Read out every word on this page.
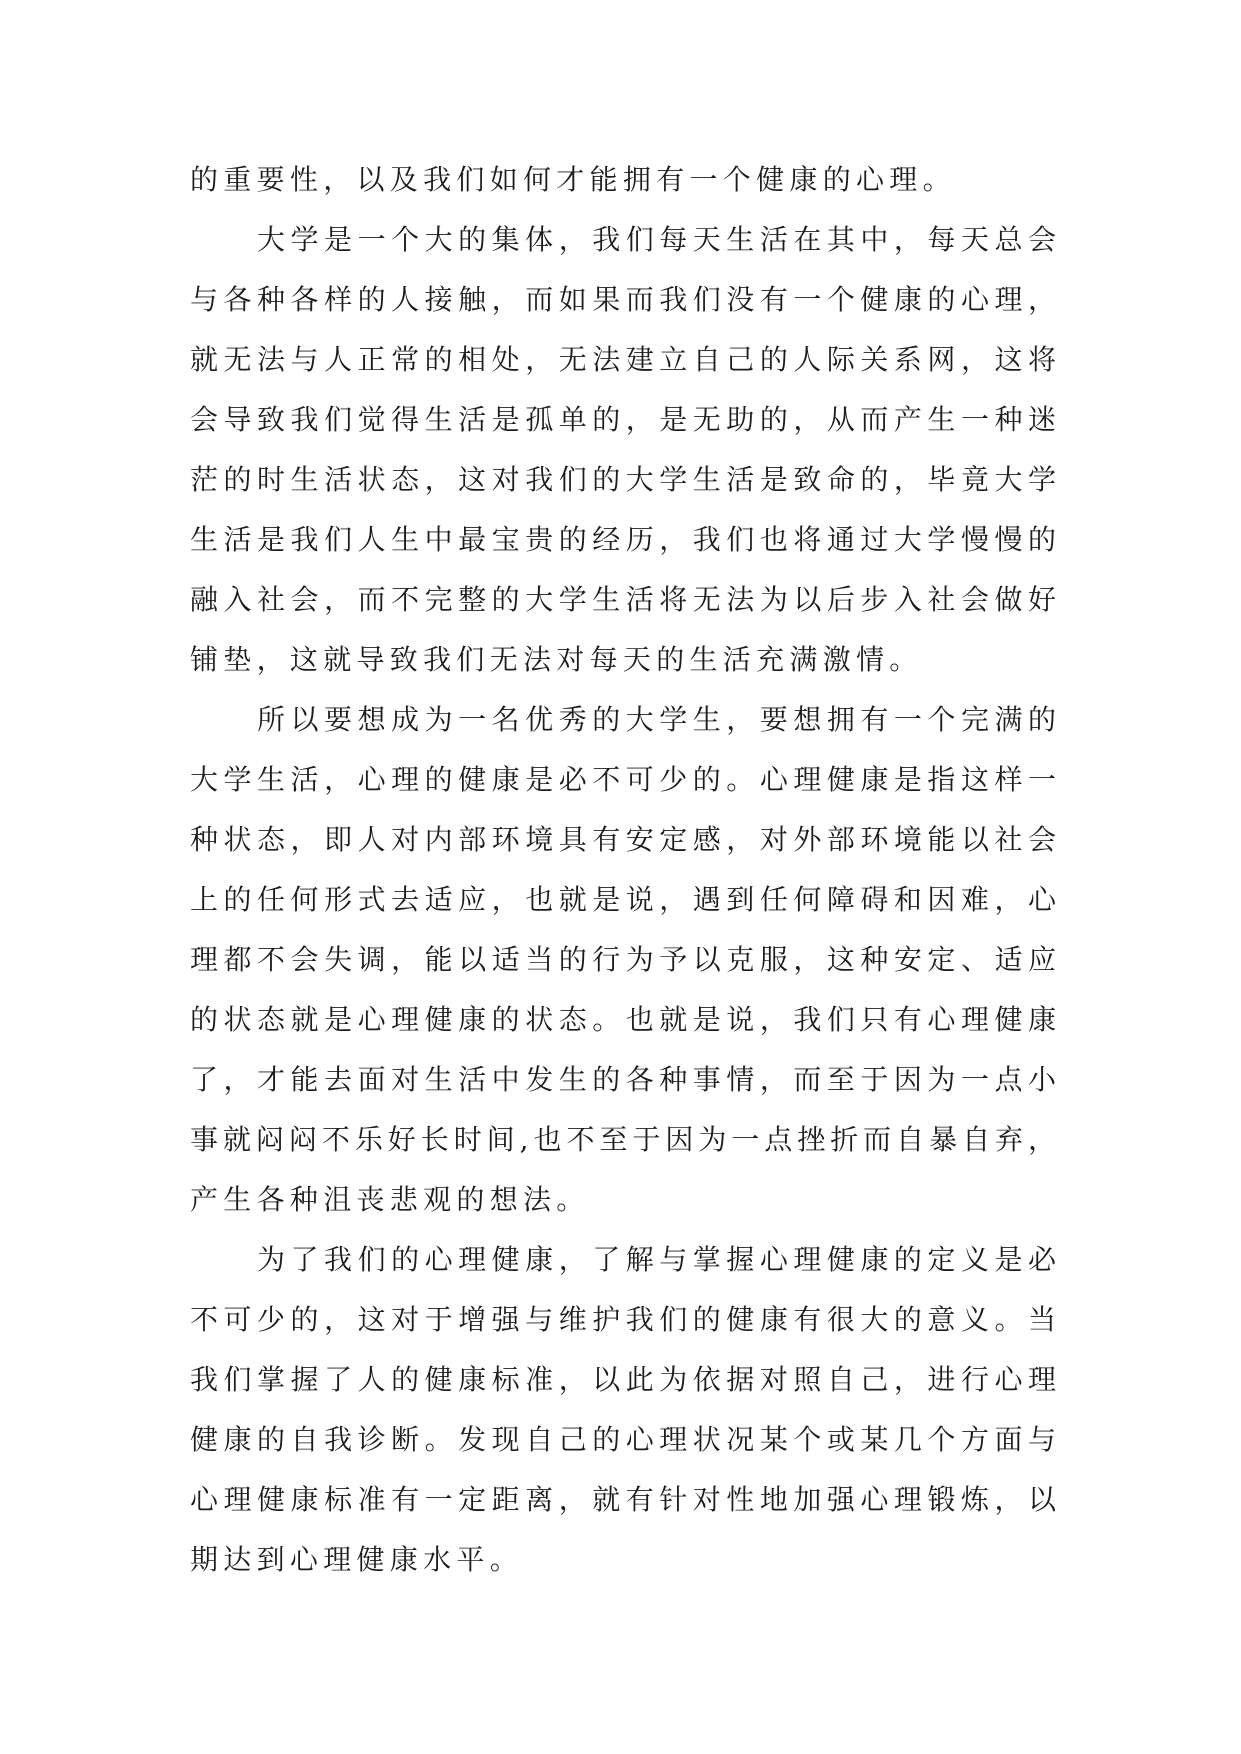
的重要性，以及我们如何才能拥有一个健康的心理。
大学是一个大的集体，我们每天生活在其中，每天总会
与各种各样的人接触，而如果而我们没有一个健康的心理，
就无法与人正常的相处，无法建立自己的人际关系网，这将
会导致我们觉得生活是孤单的，是无助的，从而产生一种迷
茫的时生活状态，这对我们的大学生活是致命的，毕竟大学
生活是我们人生中最宝贵的经历，我们也将通过大学慢慢的
融入社会，而不完整的大学生活将无法为以后步入社会做好
铺垫，这就导致我们无法对每天的生活充满激情。
所以要想成为一名优秀的大学生，要想拥有一个完满的
大学生活，心理的健康是必不可少的。心理健康是指这样一
种状态，即人对内部环境具有安定感，对外部环境能以社会
上的任何形式去适应，也就是说，遇到任何障碍和因难，心
理都不会失调，能以适当的行为予以克服，这种安定、适应
的状态就是心理健康的状态。也就是说，我们只有心理健康
了，才能去面对生活中发生的各种事情，而至于因为一点小
事就闷闷不乐好长时间,也不至于因为一点挫折而自暴自弃，
产生各种沮丧悲观的想法。
为了我们的心理健康，了解与掌握心理健康的定义是必
不可少的，这对于增强与维护我们的健康有很大的意义。当
我们掌握了人的健康标准，以此为依据对照自己，进行心理
健康的自我诊断。发现自己的心理状况某个或某几个方面与
心理健康标准有一定距离，就有针对性地加强心理锻炼，以
期达到心理健康水平。
